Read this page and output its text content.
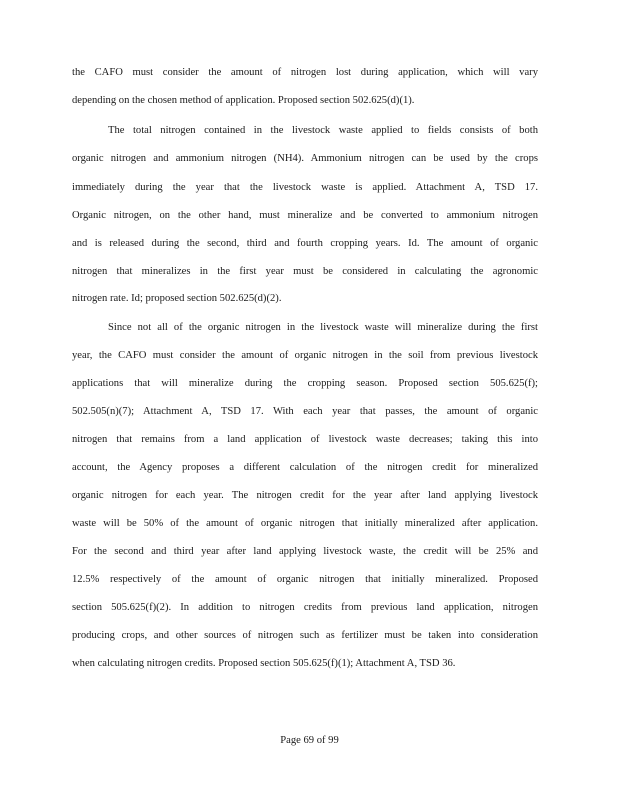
the CAFO must consider the amount of nitrogen lost during application, which will vary
depending on the chosen method of application. Proposed section 502.625(d)(1).
The total nitrogen contained in the livestock waste applied to fields consists of both
organic nitrogen and ammonium nitrogen (NH4). Ammonium nitrogen can be used by the crops
immediately during the year that the livestock waste is applied. Attachment A, TSD 17.
Organic nitrogen, on the other hand, must mineralize and be converted to ammonium nitrogen
and is released during the second, third and fourth cropping years. Id. The amount of organic
nitrogen that mineralizes in the first year must be considered in calculating the agronomic
nitrogen rate. Id; proposed section 502.625(d)(2).
Since not all of the organic nitrogen in the livestock waste will mineralize during the first
year, the CAFO must consider the amount of organic nitrogen in the soil from previous livestock
applications that will mineralize during the cropping season. Proposed section 505.625(f);
502.505(n)(7); Attachment A, TSD 17. With each year that passes, the amount of organic
nitrogen that remains from a land application of livestock waste decreases; taking this into
account, the Agency proposes a different calculation of the nitrogen credit for mineralized
organic nitrogen for each year. The nitrogen credit for the year after land applying livestock
waste will be 50% of the amount of organic nitrogen that initially mineralized after application.
For the second and third year after land applying livestock waste, the credit will be 25% and
12.5% respectively of the amount of organic nitrogen that initially mineralized. Proposed
section 505.625(f)(2). In addition to nitrogen credits from previous land application, nitrogen
producing crops, and other sources of nitrogen such as fertilizer must be taken into consideration
when calculating nitrogen credits. Proposed section 505.625(f)(1); Attachment A, TSD 36.
Page 69 of 99
